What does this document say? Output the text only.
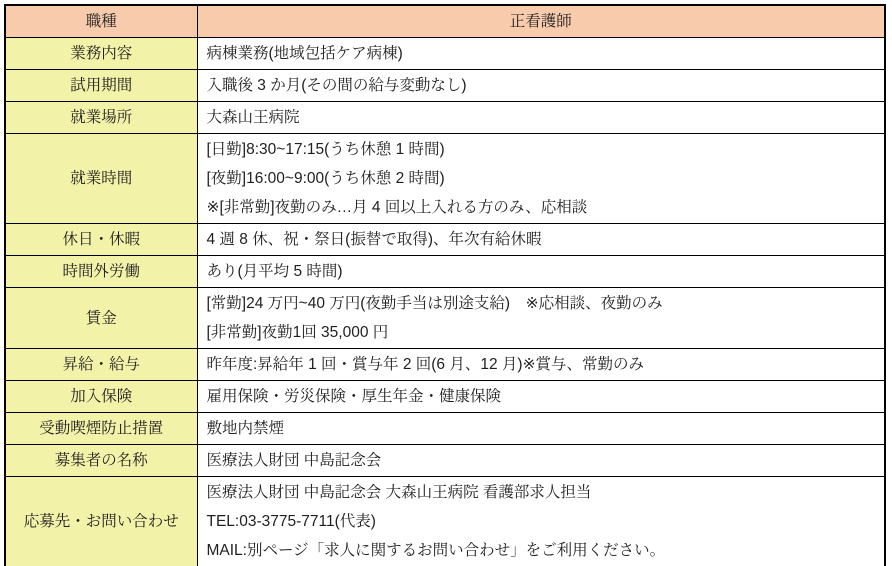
職種	正看護師
業務内容	病棟業務(地域包括ケア病棟)

試用期間	入職後 3 か月(その間の給与変動なし)

就業場所	大森山王病院

就業時間	[日勤]8:30~17:15(うち休憩 1 時間)
[夜勤]16:00~9:00(うち休憩 2 時間)
※[非常勤]夜勤のみ…月 4 回以上入れる方のみ、応相談

休日・休暇	4 週 8 休、祝・祭日(振替で取得)、年次有給休暇

時間外労働	あり(月平均 5 時間)

賃金	[常勤]24 万円~40 万円(夜勤手当は別途支給)　※応相談、夜勤のみ
[非常勤]夜勤1回 35,000 円

昇給・給与	昨年度:昇給年 1 回・賞与年 2 回(6 月、12 月)※賞与、常勤のみ

加入保険	雇用保険・労災保険・厚生年金・健康保険

受動喫煙防止措置	敷地内禁煙

募集者の名称	医療法人財団 中島記念会

応募先・お問い合わせ	医療法人財団 中島記念会 大森山王病院 看護部求人担当
TEL:03-3775-7711(代表)
MAIL:別ページ「求人に関するお問い合わせ」をご利用ください。
